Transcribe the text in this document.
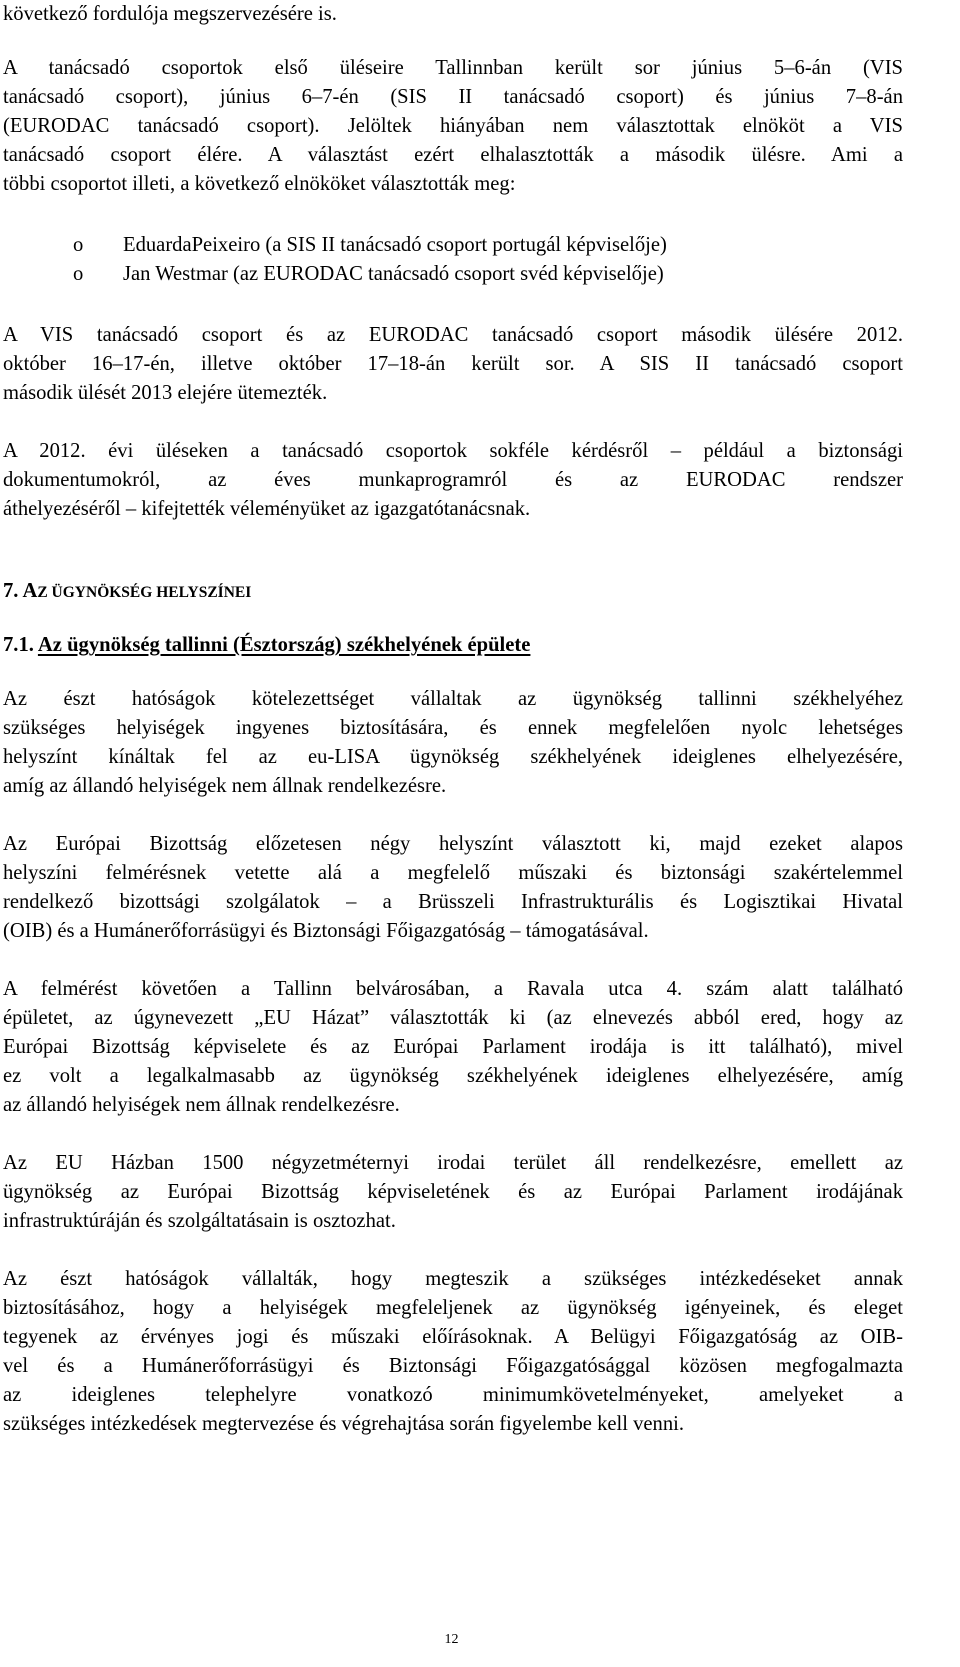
következő fordulója megszervezésére is.
A tanácsadó csoportok első üléseire Tallinnban került sor június 5–6-án (VIS
tanácsadó csoport), június 6–7-én (SIS II tanácsadó csoport) és június 7–8-án
(EURODAC tanácsadó csoport). Jelöltek hiányában nem választottak elnököt a VIS
tanácsadó csoport élére. A választást ezért elhalasztották a második ülésre. Ami a
többi csoportot illeti, a következő elnököket választották meg:
o EduardaPeixeiro (a SIS II tanácsadó csoport portugál képviselője)
o Jan Westmar (az EURODAC tanácsadó csoport svéd képviselője)
A VIS tanácsadó csoport és az EURODAC tanácsadó csoport második ülésére 2012.
október 16–17-én, illetve október 17–18-án került sor. A SIS II tanácsadó csoport
második ülését 2013 elejére ütemezték.
A 2012. évi üléseken a tanácsadó csoportok sokféle kérdésről – például a biztonsági
dokumentumokról, az éves munkaprogramról és az EURODAC rendszer
áthelyezéséről – kifejtették véleményüket az igazgatótanácsnak.
7. AZ ÜGYNÖKSÉG HELYSZÍNEI
7.1. Az ügynökség tallinni (Észtország) székhelyének épülete
Az észt hatóságok kötelezettséget vállaltak az ügynökség tallinni székhelyéhez
szükséges helyiségek ingyenes biztosítására, és ennek megfelelően nyolc lehetséges
helyszínt kínáltak fel az eu-LISA ügynökség székhelyének ideiglenes elhelyezésére,
amíg az állandó helyiségek nem állnak rendelkezésre.
Az Európai Bizottság előzetesen négy helyszínt választott ki, majd ezeket alapos
helyszíni felmérésnek vetette alá a megfelelő műszaki és biztonsági szakértelemmel
rendelkező bizottsági szolgálatok – a Brüsszeli Infrastrukturális és Logisztikai Hivatal
(OIB) és a Humánerőforrásügyi és Biztonsági Főigazgatóság – támogatásával.
A felmérést követően a Tallinn belvárosában, a Ravala utca 4. szám alatt található
épületet, az úgynevezett „EU Házat” választották ki (az elnevezés abból ered, hogy az
Európai Bizottság képviselete és az Európai Parlament irodája is itt található), mivel
ez volt a legalkalmasabb az ügynökség székhelyének ideiglenes elhelyezésére, amíg
az állandó helyiségek nem állnak rendelkezésre.
Az EU Házban 1500 négyzetméternyi irodai terület áll rendelkezésre, emellett az
ügynökség az Európai Bizottság képviseletének és az Európai Parlament irodájának
infrastruktúráján és szolgáltatásain is osztozhat.
Az észt hatóságok vállalták, hogy megteszik a szükséges intézkedéseket annak
biztosításához, hogy a helyiségek megfeleljenek az ügynökség igényeinek, és eleget
tegyenek az érvényes jogi és műszaki előírásoknak. A Belügyi Főigazgatóság az OIB-
vel és a Humánerőforrásügyi és Biztonsági Főigazgatósággal közösen megfogalmazta
az ideiglenes telephelyre vonatkozó minimumkövetelményeket, amelyeket a
szükséges intézkedések megtervezése és végrehajtása során figyelembe kell venni.
12
